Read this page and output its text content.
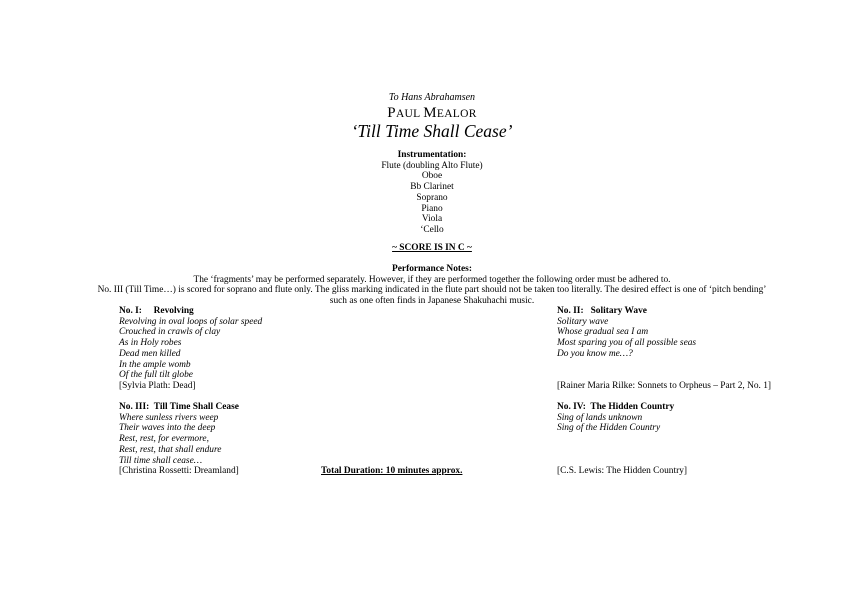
To Hans Abrahamsen
PAUL MEALOR
‘Till Time Shall Cease’
Instrumentation:
Flute (doubling Alto Flute)
Oboe
Bb Clarinet
Soprano
Piano
Viola
‘Cello
~ SCORE IS IN C ~
Performance Notes:
The ‘fragments’ may be performed separately. However, if they are performed together the following order must be adhered to.
No. III (Till Time…) is scored for soprano and flute only. The gliss marking indicated in the flute part should not be taken too literally. The desired effect is one of ‘pitch bending’ such as one often finds in Japanese Shakuhachi music.
No. I:     Revolving
Revolving in oval loops of solar speed
Crouched in crawls of clay
As in Holy robes
Dead men killed
In the ample womb
Of the full tilt globe
[Sylvia Plath: Dead]
No. II:   Solitary Wave
Solitary wave
Whose gradual sea I am
Most sparing you of all possible seas
Do you know me…?
[Rainer Maria Rilke: Sonnets to Orpheus – Part 2, No. 1]
No. III:  Till Time Shall Cease
Where sunless rivers weep
Their waves into the deep
Rest, rest, for evermore,
Rest, rest, that shall endure
Till time shall cease…
[Christina Rossetti: Dreamland]
No. IV:  The Hidden Country
Sing of lands unknown
Sing of the Hidden Country
[C.S. Lewis: The Hidden Country]
Total Duration: 10 minutes approx.
